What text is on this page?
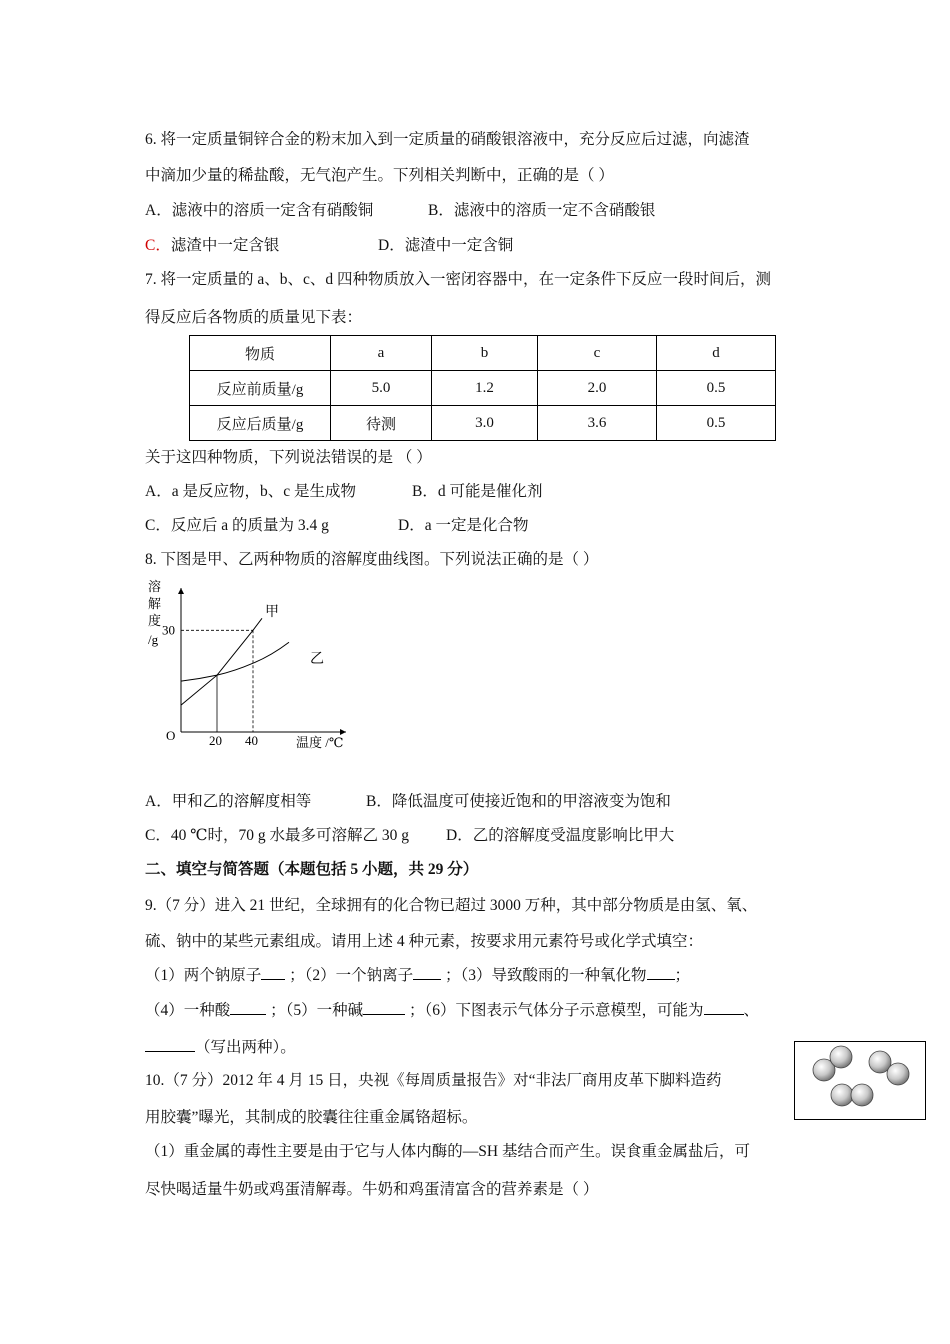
6. 将一定质量铜锌合金的粉末加入到一定质量的硝酸银溶液中，充分反应后过滤，向滤渣
中滴加少量的稀盐酸，无气泡产生。下列相关判断中，正确的是（ ）
A．滤液中的溶质一定含有硝酸铜	B．滤液中的溶质一定不含硝酸银
C．滤渣中一定含银	D．滤渣中一定含铜
7. 将一定质量的 a、b、c、d 四种物质放入一密闭容器中，在一定条件下反应一段时间后，测
得反应后各物质的质量见下表：
物质	a	b	c	d
反应前质量/g	5.0	1.2	2.0	0.5
反应后质量/g	待测	3.0	3.6	0.5
关于这四种物质，下列说法错误的是 （ ）
A．a 是反应物，b、c 是生成物	B．d 可能是催化剂
C．反应后 a 的质量为 3.4 g	D．a 一定是化合物
8. 下图是甲、乙两种物质的溶解度曲线图。下列说法正确的是（ ）
溶
解
度
/g
O
30
20 40	温度 /℃
甲
乙
A．甲和乙的溶解度相等	B．降低温度可使接近饱和的甲溶液变为饱和
C．40 ℃时，70 g 水最多可溶解乙 30 g D．乙的溶解度受温度影响比甲大
二、填空与简答题（本题包括 5 小题，共 29 分）
9.（7 分）进入 21 世纪，全球拥有的化合物已超过 3000 万种，其中部分物质是由氢、氧、
硫、钠中的某些元素组成。请用上述 4 种元素，按要求用元素符号或化学式填空：
（1）两个钠原子 ；（2）一个钠离子 ；（3）导致酸雨的一种氧化物 ；
（4）一种酸	；（5）一种碱	；（6）下图表示气体分子示意模型，可能为	、
（写出两种）。
10.（7 分）2012 年 4 月 15 日，央视《每周质量报告》对“非法厂商用皮革下脚料造药
用胶囊”曝光，其制成的胶囊往往重金属铬超标。
（1）重金属的毒性主要是由于它与人体内酶的—SH 基结合而产生。误食重金属盐后，可
尽快喝适量牛奶或鸡蛋清解毒。牛奶和鸡蛋清富含的营养素是（ ）
